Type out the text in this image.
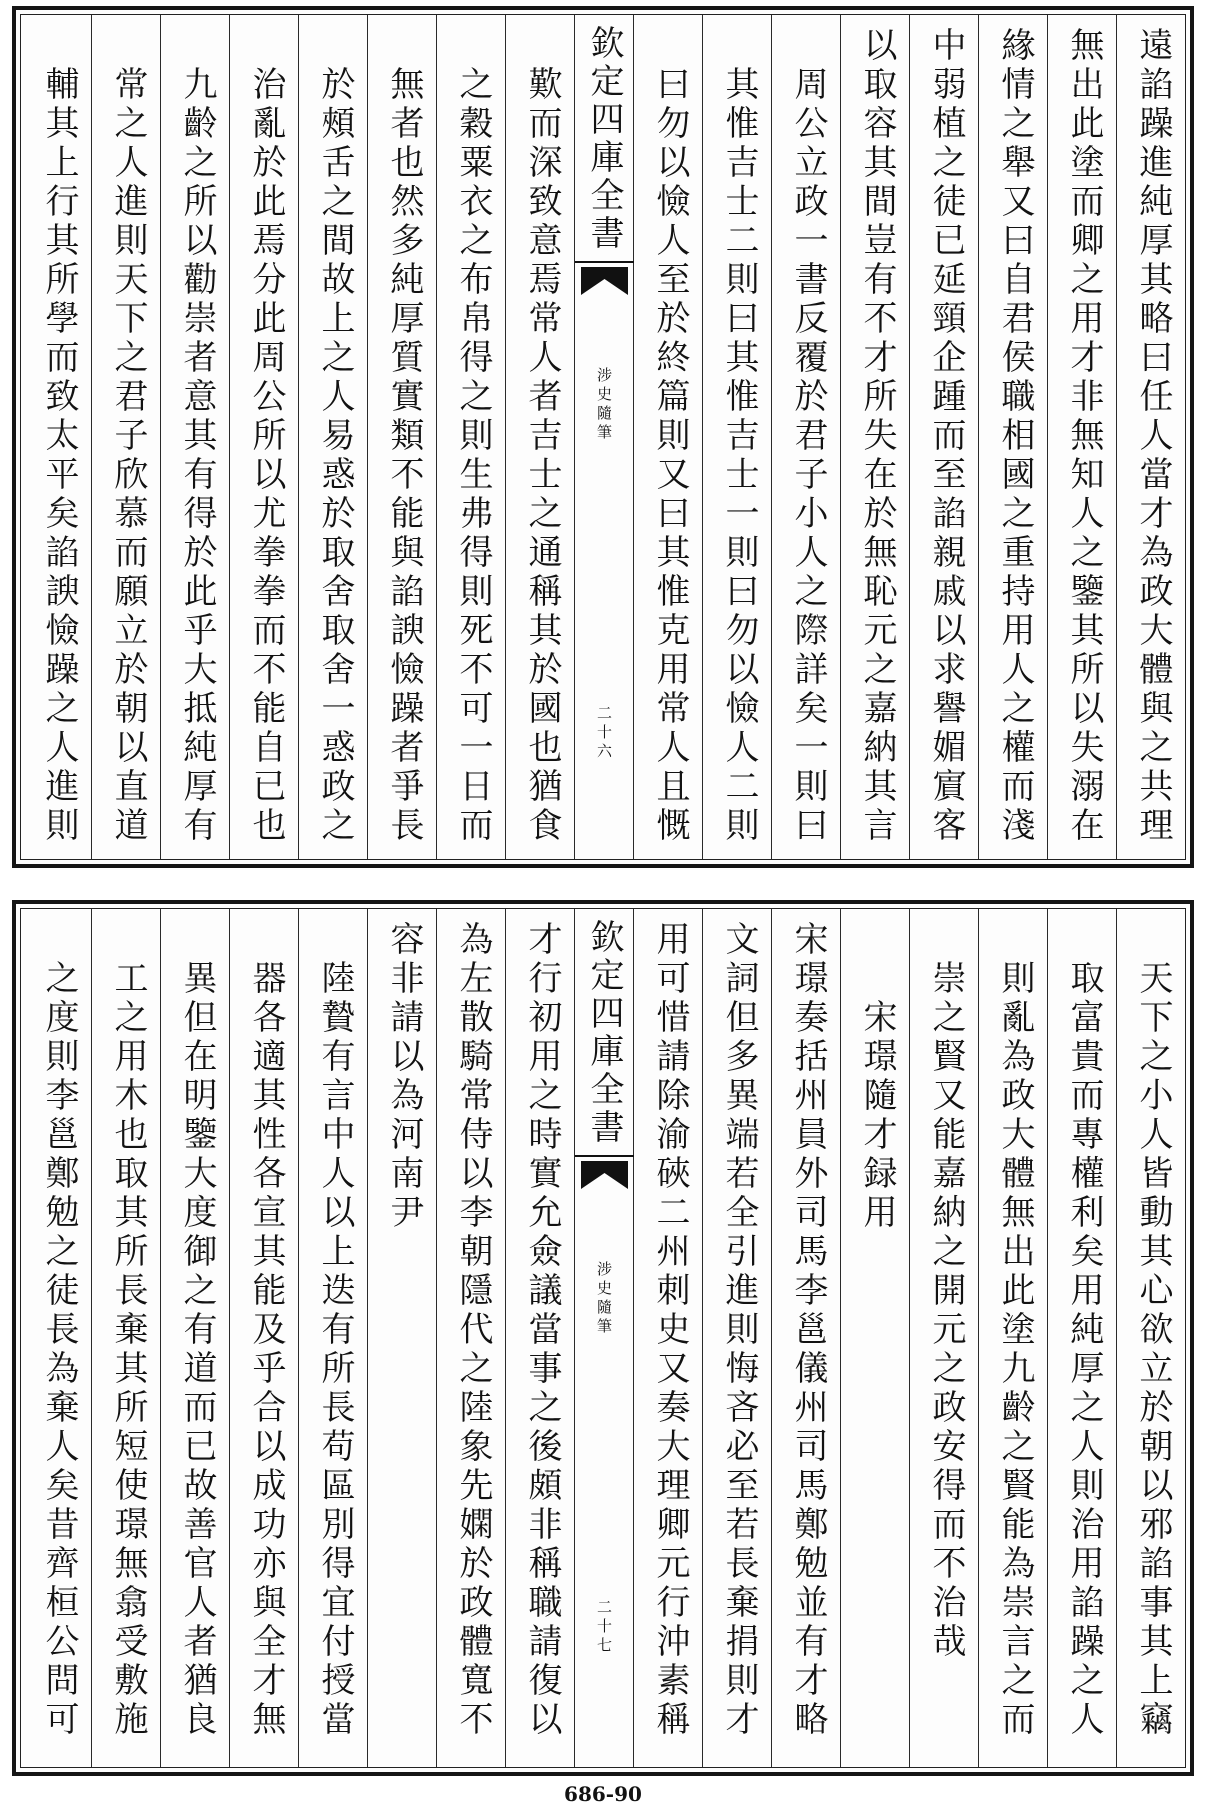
遠諂躁進純厚其略曰任人當才為政大體與之共理
無出此塗而卿之用才非無知人之鑒其所以失溺在
緣情之舉又曰自君侯職相國之重持用人之權而淺
中弱植之徒已延頸企踵而至諂親戚以求譽媚賔客
以取容其間豈有不才所失在於無恥元之嘉納其言
周公立政一書反覆於君子小人之際詳矣一則曰
其惟吉士二則曰其惟吉士一則曰勿以憸人二則
曰勿以憸人至於終篇則又曰其惟克用常人且慨
欽定四庫全書
涉史隨筆
二十六
歎而深致意焉常人者吉士之通稱其於國也猶食
之穀粟衣之布帛得之則生弗得則死不可一日而
無者也然多純厚質實類不能與諂諛憸躁者爭長
於頰舌之間故上之人易惑於取舍取舍一惑政之
治亂於此焉分此周公所以尤拳拳而不能自已也
九齡之所以勸崇者意其有得於此乎大抵純厚有
常之人進則天下之君子欣慕而願立於朝以直道
輔其上行其所學而致太平矣諂諛憸躁之人進則
天下之小人皆動其心欲立於朝以邪諂事其上竊
取富貴而專權利矣用純厚之人則治用諂躁之人
則亂為政大體無出此塗九齡之賢能為崇言之而
崇之賢又能嘉納之開元之政安得而不治哉
宋璟隨才録用
宋璟奏括州員外司馬李邕儀州司馬鄭勉並有才略
文詞但多異端若全引進則悔吝必至若長棄捐則才
用可惜請除渝硤二州刺史又奏大理卿元行沖素稱
欽定四庫全書
涉史隨筆
二十七
才行初用之時實允僉議當事之後頗非稱職請復以
為左散騎常侍以李朝隱代之陸象先嫻於政體寬不
容非請以為河南尹
陸贄有言中人以上迭有所長苟區別得宜付授當
器各適其性各宣其能及乎合以成功亦與全才無
異但在明鑒大度御之有道而已故善官人者猶良
工之用木也取其所長棄其所短使璟無翕受敷施
之度則李邕鄭勉之徒長為棄人矣昔齊桓公問可
686-90
